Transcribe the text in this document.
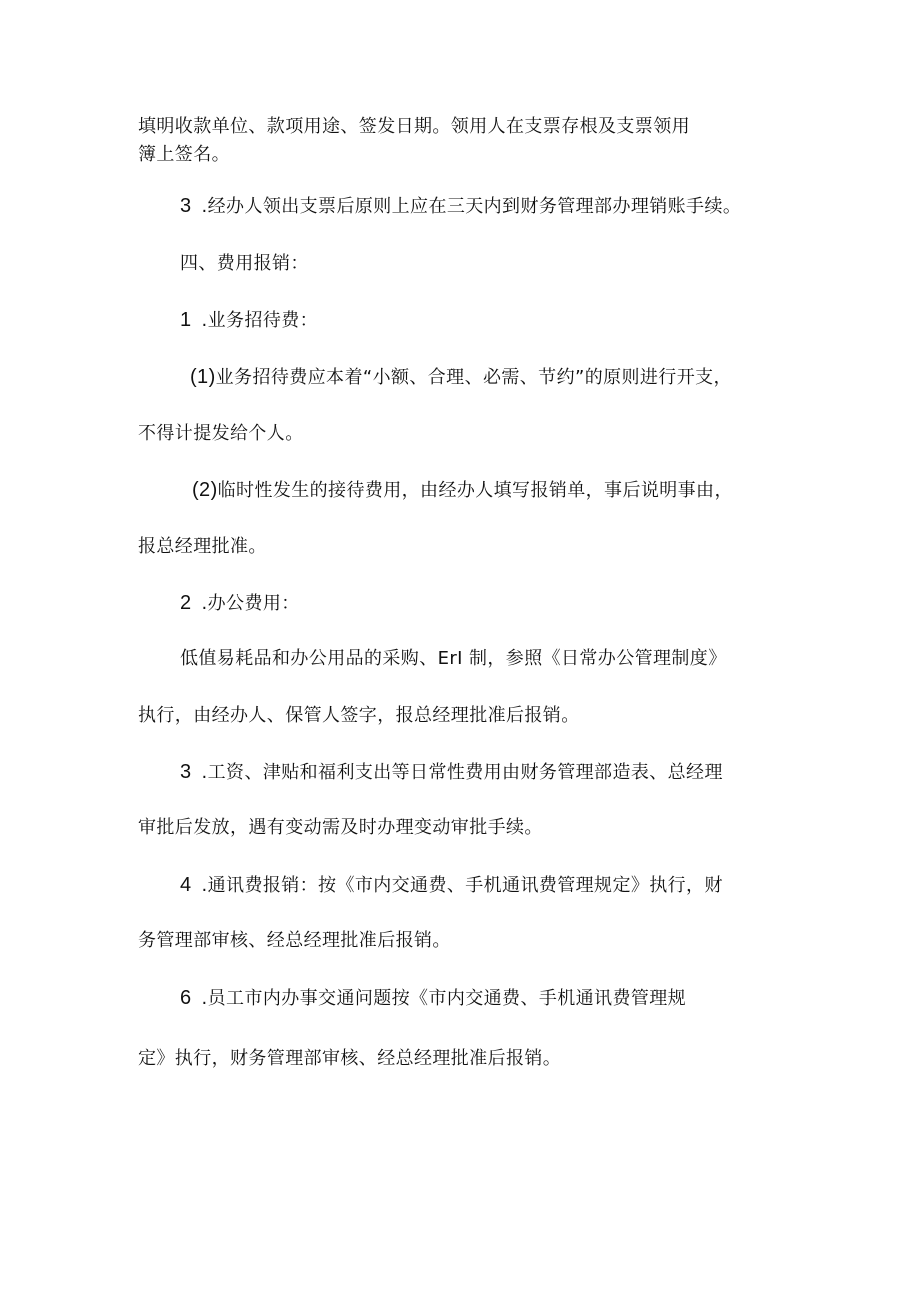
填明收款单位、款项用途、签发日期。领用人在支票存根及支票领用
簿上签名。
3 .经办人领出支票后原则上应在三天内到财务管理部办理销账手续。
四、费用报销：
1 .业务招待费：
(1)业务招待费应本着“小额、合理、必需、节约”的原则进行开支，
不得计提发给个人。
(2)临时性发生的接待费用，由经办人填写报销单，事后说明事由，
报总经理批准。
2 .办公费用：
低值易耗品和办公用品的采购、ErI 制，参照《日常办公管理制度》
执行，由经办人、保管人签字，报总经理批准后报销。
3 .工资、津贴和福利支出等日常性费用由财务管理部造表、总经理
审批后发放，遇有变动需及时办理变动审批手续。
4 .通讯费报销：按《市内交通费、手机通讯费管理规定》执行，财
务管理部审核、经总经理批准后报销。
6 .员工市内办事交通问题按《市内交通费、手机通讯费管理规
定》执行，财务管理部审核、经总经理批准后报销。
